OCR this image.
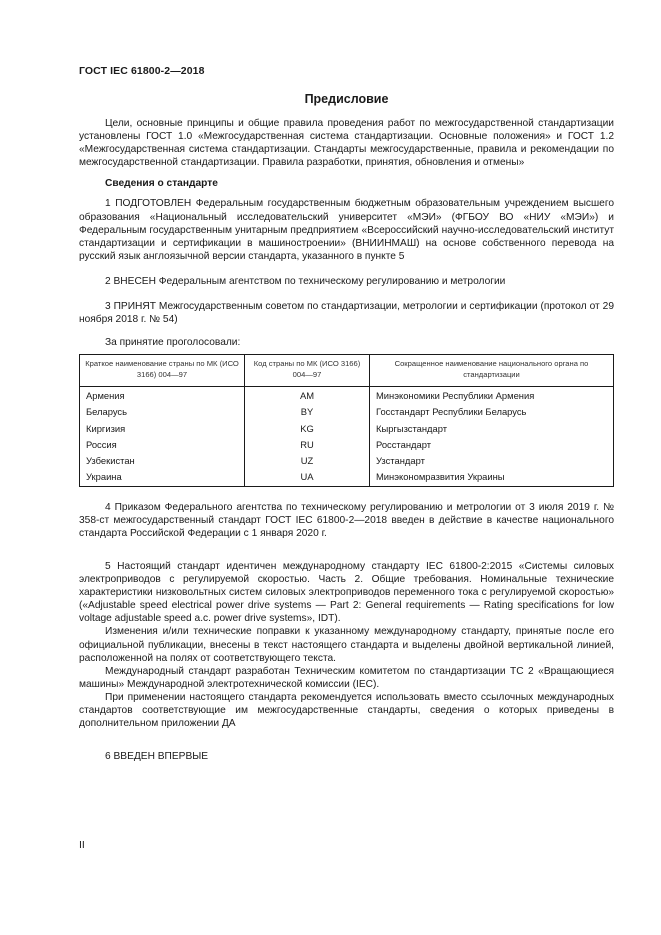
ГОСТ IEC 61800-2—2018
Предисловие

Цели, основные принципы и общие правила проведения работ по межгосударственной стандартизации установлены ГОСТ 1.0 «Межгосударственная система стандартизации. Основные положения» и ГОСТ 1.2 «Межгосударственная система стандартизации. Стандарты межгосударственные, правила и рекомендации по межгосударственной стандартизации. Правила разработки, принятия, обновления и отмены»

Сведения о стандарте

1 ПОДГОТОВЛЕН Федеральным государственным бюджетным образовательным учреждением высшего образования «Национальный исследовательский университет «МЭИ» (ФГБОУ ВО «НИУ «МЭИ») и Федеральным государственным унитарным предприятием «Всероссийский научно-исследовательский институт стандартизации и сертификации в машиностроении» (ВНИИНМАШ) на основе собственного перевода на русский язык англоязычной версии стандарта, указанного в пункте 5

2 ВНЕСЕН Федеральным агентством по техническому регулированию и метрологии

3 ПРИНЯТ Межгосударственным советом по стандартизации, метрологии и сертификации (протокол от 29 ноября 2018 г. № 54)

За принятие проголосовали:
Краткое наименование страны по МК (ИСО 3166) 004—97	Код страны по МК (ИСО 3166) 004—97	Сокращенное наименование национального органа по стандартизации
Армения	AM	Минэкономики Республики Армения
Беларусь	BY	Госстандарт Республики Беларусь
Киргизия	KG	Кыргызстандарт
Россия	RU	Росстандарт
Узбекистан	UZ	Узстандарт
Украина	UA	Минэкономразвития Украины

4 Приказом Федерального агентства по техническому регулированию и метрологии от 3 июля 2019 г. № 358-ст межгосударственный стандарт ГОСТ IEC 61800-2—2018 введен в действие в качестве национального стандарта Российской Федерации с 1 января 2020 г.

5 Настоящий стандарт идентичен международному стандарту IEC 61800-2:2015 «Системы силовых электроприводов с регулируемой скоростью. Часть 2. Общие требования. Номинальные технические характеристики низковольтных систем силовых электроприводов переменного тока с регулируемой скоростью» («Adjustable speed electrical power drive systems — Part 2: General requirements — Rating specifications for low voltage adjustable speed a.c. power drive systems», IDT).

Изменения и/или технические поправки к указанному международному стандарту, принятые после его официальной публикации, внесены в текст настоящего стандарта и выделены двойной вертикальной линией, расположенной на полях от соответствующего текста.

Международный стандарт разработан Техническим комитетом по стандартизации ТС 2 «Вращающиеся машины» Международной электротехнической комиссии (IEC).

При применении настоящего стандарта рекомендуется использовать вместо ссылочных международных стандартов соответствующие им межгосударственные стандарты, сведения о которых приведены в дополнительном приложении ДА

6 ВВЕДЕН ВПЕРВЫЕ

II
